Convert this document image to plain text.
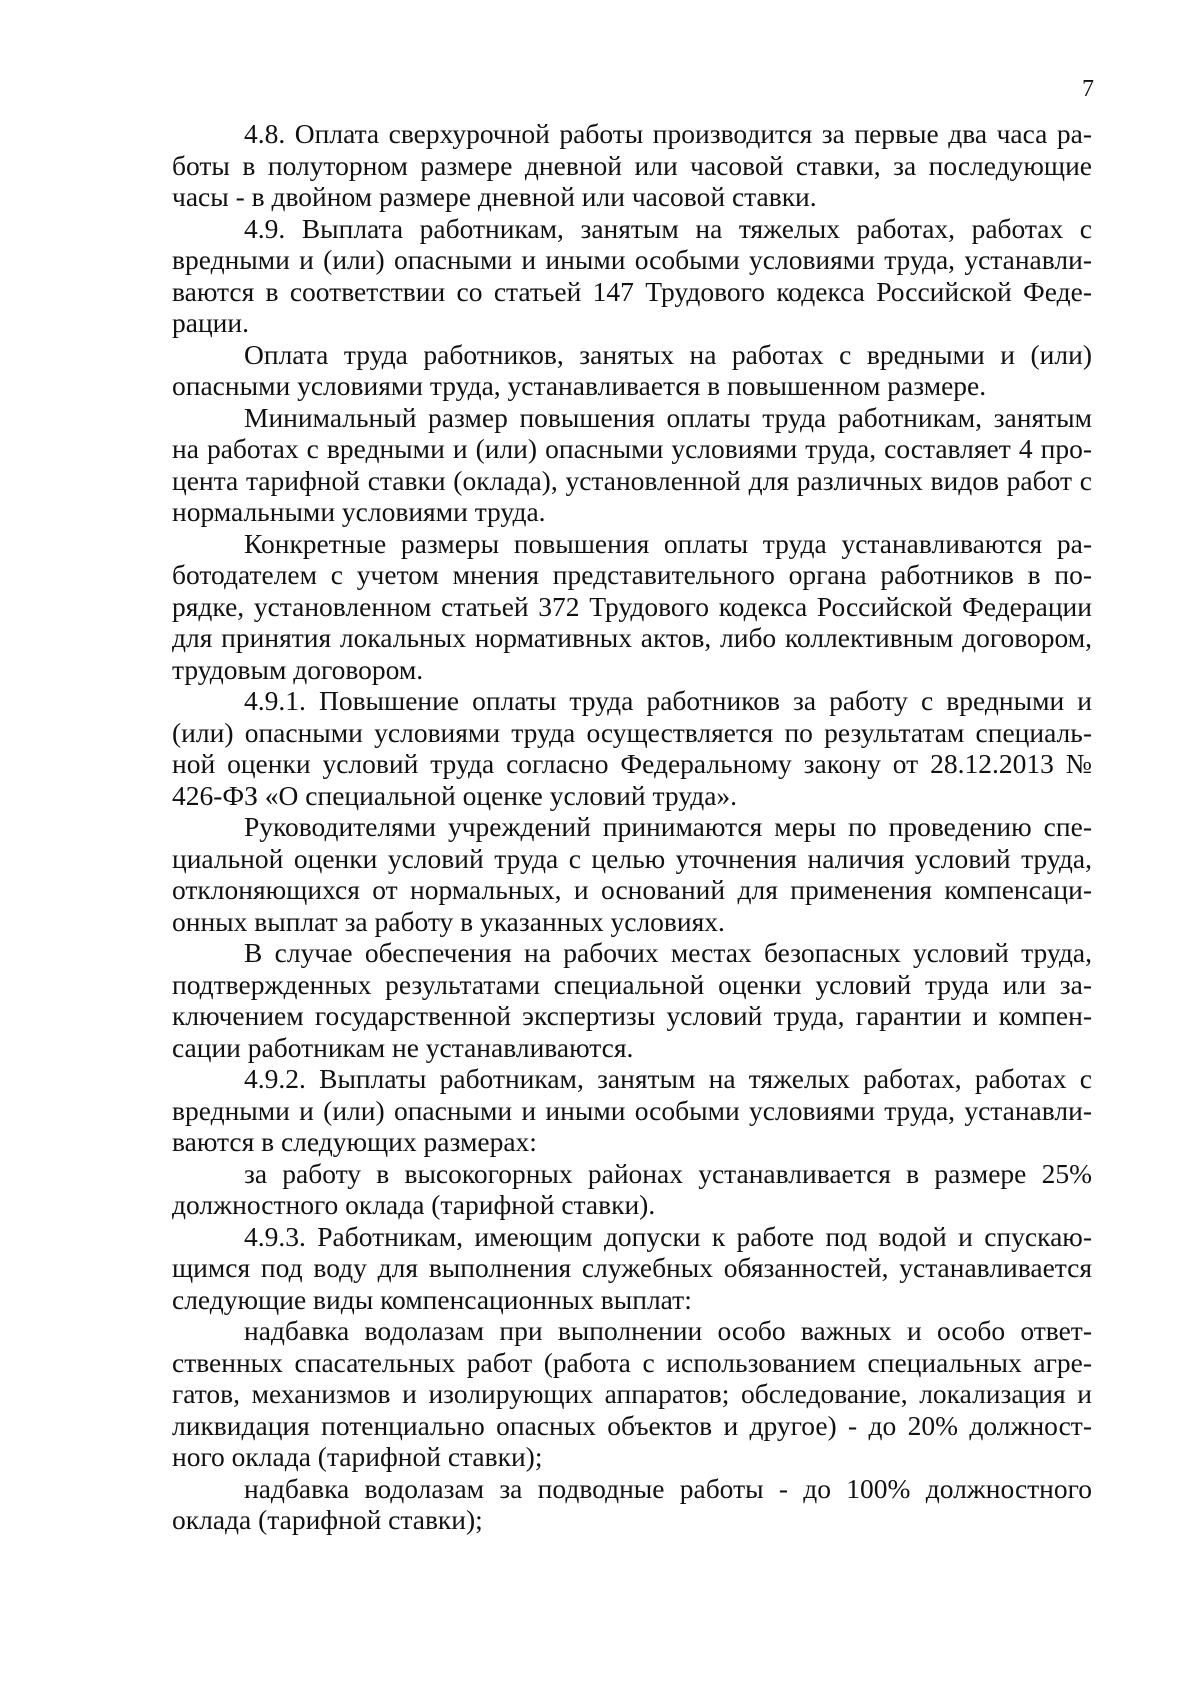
7

4.8. Оплата сверхурочной работы производится за первые два часа работы в полуторном размере дневной или часовой ставки, за последующие часы - в двойном размере дневной или часовой ставки.

4.9. Выплата работникам, занятым на тяжелых работах, работах с вредными и (или) опасными и иными особыми условиями труда, устанавливаются в соответствии со статьей 147 Трудового кодекса Российской Федерации.

Оплата труда работников, занятых на работах с вредными и (или) опасными условиями труда, устанавливается в повышенном размере.

Минимальный размер повышения оплаты труда работникам, занятым на работах с вредными и (или) опасными условиями труда, составляет 4 процента тарифной ставки (оклада), установленной для различных видов работ с нормальными условиями труда.

Конкретные размеры повышения оплаты труда устанавливаются работодателем с учетом мнения представительного органа работников в порядке, установленном статьей 372 Трудового кодекса Российской Федерации для принятия локальных нормативных актов, либо коллективным договором, трудовым договором.

4.9.1. Повышение оплаты труда работников за работу с вредными и (или) опасными условиями труда осуществляется по результатам специальной оценки условий труда согласно Федеральному закону от 28.12.2013 № 426-ФЗ «О специальной оценке условий труда».

Руководителями учреждений принимаются меры по проведению специальной оценки условий труда с целью уточнения наличия условий труда, отклоняющихся от нормальных, и оснований для применения компенсационных выплат за работу в указанных условиях.

В случае обеспечения на рабочих местах безопасных условий труда, подтвержденных результатами специальной оценки условий труда или заключением государственной экспертизы условий труда, гарантии и компенсации работникам не устанавливаются.

4.9.2. Выплаты работникам, занятым на тяжелых работах, работах с вредными и (или) опасными и иными особыми условиями труда, устанавливаются в следующих размерах:

за работу в высокогорных районах устанавливается в размере 25% должностного оклада (тарифной ставки).

4.9.3. Работникам, имеющим допуски к работе под водой и спускающимся под воду для выполнения служебных обязанностей, устанавливается следующие виды компенсационных выплат:

надбавка водолазам при выполнении особо важных и особо ответственных спасательных работ (работа с использованием специальных агрегатов, механизмов и изолирующих аппаратов; обследование, локализация и ликвидация потенциально опасных объектов и другое) - до 20% должностного оклада (тарифной ставки);

надбавка водолазам за подводные работы - до 100% должностного оклада (тарифной ставки);
